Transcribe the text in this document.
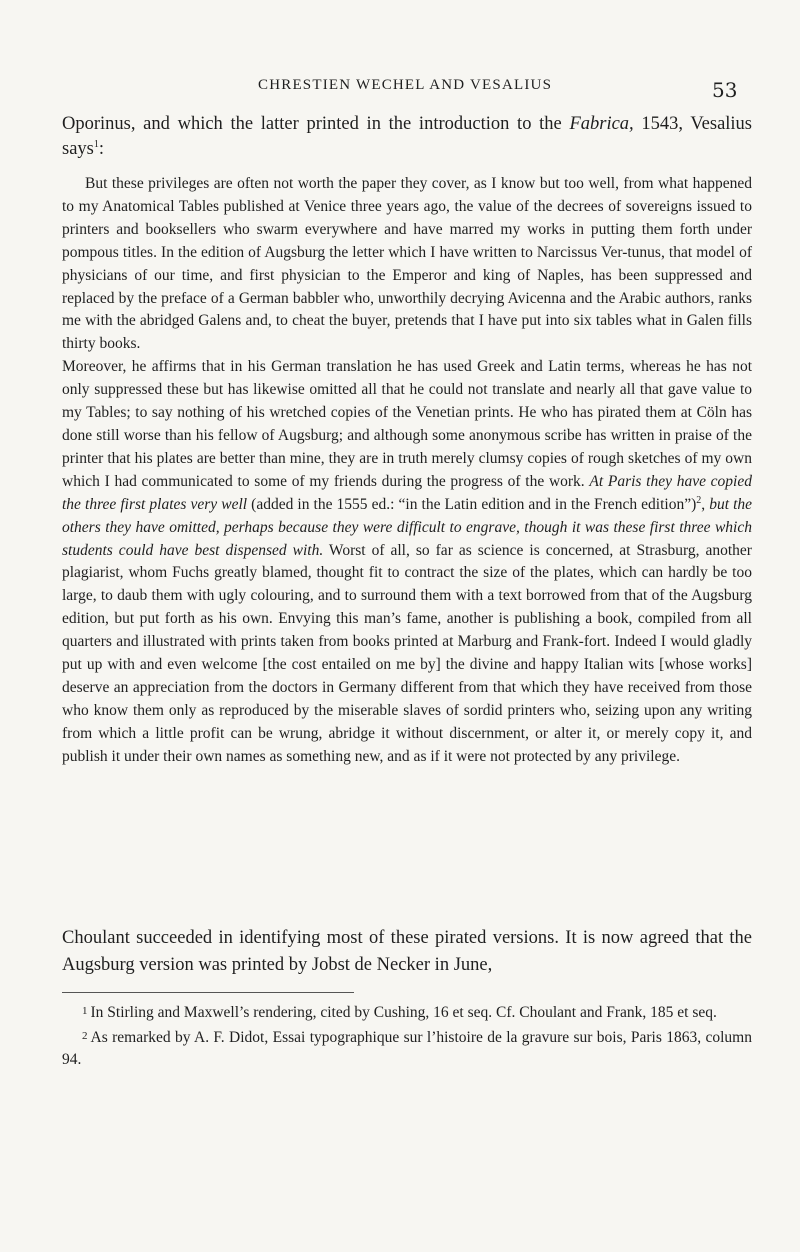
CHRESTIEN WECHEL AND VESALIUS	53
Oporinus, and which the latter printed in the introduction to the Fabrica, 1543, Vesalius says$^1$:

But these privileges are often not worth the paper they cover, as I know but too well, from what happened to my Anatomical Tables published at Venice three years ago, the value of the decrees of sovereigns issued to printers and booksellers who swarm everywhere and have marred my works in putting them forth under pompous titles. In the edition of Augsburg the letter which I have written to Narcissus Ver-tunus, that model of physicians of our time, and first physician to the Emperor and king of Naples, has been suppressed and replaced by the preface of a German babbler who, unworthily decrying Avicenna and the Arabic authors, ranks me with the abridged Galens and, to cheat the buyer, pretends that I have put into six tables what in Galen fills thirty books.

Moreover, he affirms that in his German translation he has used Greek and Latin terms, whereas he has not only suppressed these but has likewise omitted all that he could not translate and nearly all that gave value to my Tables; to say nothing of his wretched copies of the Venetian prints. He who has pirated them at Cöln has done still worse than his fellow of Augsburg; and although some anonymous scribe has written in praise of the printer that his plates are better than mine, they are in truth merely clumsy copies of rough sketches of my own which I had communicated to some of my friends during the progress of the work. At Paris they have copied the three first plates very well (added in the 1555 ed.: “in the Latin edition and in the French edition”)$^2$, but the others they have omitted, perhaps because they were difficult to engrave, though it was these first three which students could have best dispensed with. Worst of all, so far as science is concerned, at Strasburg, another plagiarist, whom Fuchs greatly blamed, thought fit to contract the size of the plates, which can hardly be too large, to daub them with ugly colouring, and to surround them with a text borrowed from that of the Augsburg edition, but put forth as his own. Envying this man’s fame, another is publishing a book, compiled from all quarters and illustrated with prints taken from books printed at Marburg and Frank-fort. Indeed I would gladly put up with and even welcome [the cost entailed on me by] the divine and happy Italian wits [whose works] deserve an appreciation from the doctors in Germany different from that which they have received from those who know them only as reproduced by the miserable slaves of sordid printers who, seizing upon any writing from which a little profit can be wrung, abridge it without discernment, or alter it, or merely copy it, and publish it under their own names as something new, and as if it were not protected by any privilege.

Choulant succeeded in identifying most of these pirated versions. It is now agreed that the Augsburg version was printed by Jobst de Necker in June,

1 In Stirling and Maxwell’s rendering, cited by Cushing, 16 et seq. Cf. Choulant and Frank, 185 et seq.

2 As remarked by A. F. Didot, Essai typographique sur l’histoire de la gravure sur bois, Paris 1863, column 94.
